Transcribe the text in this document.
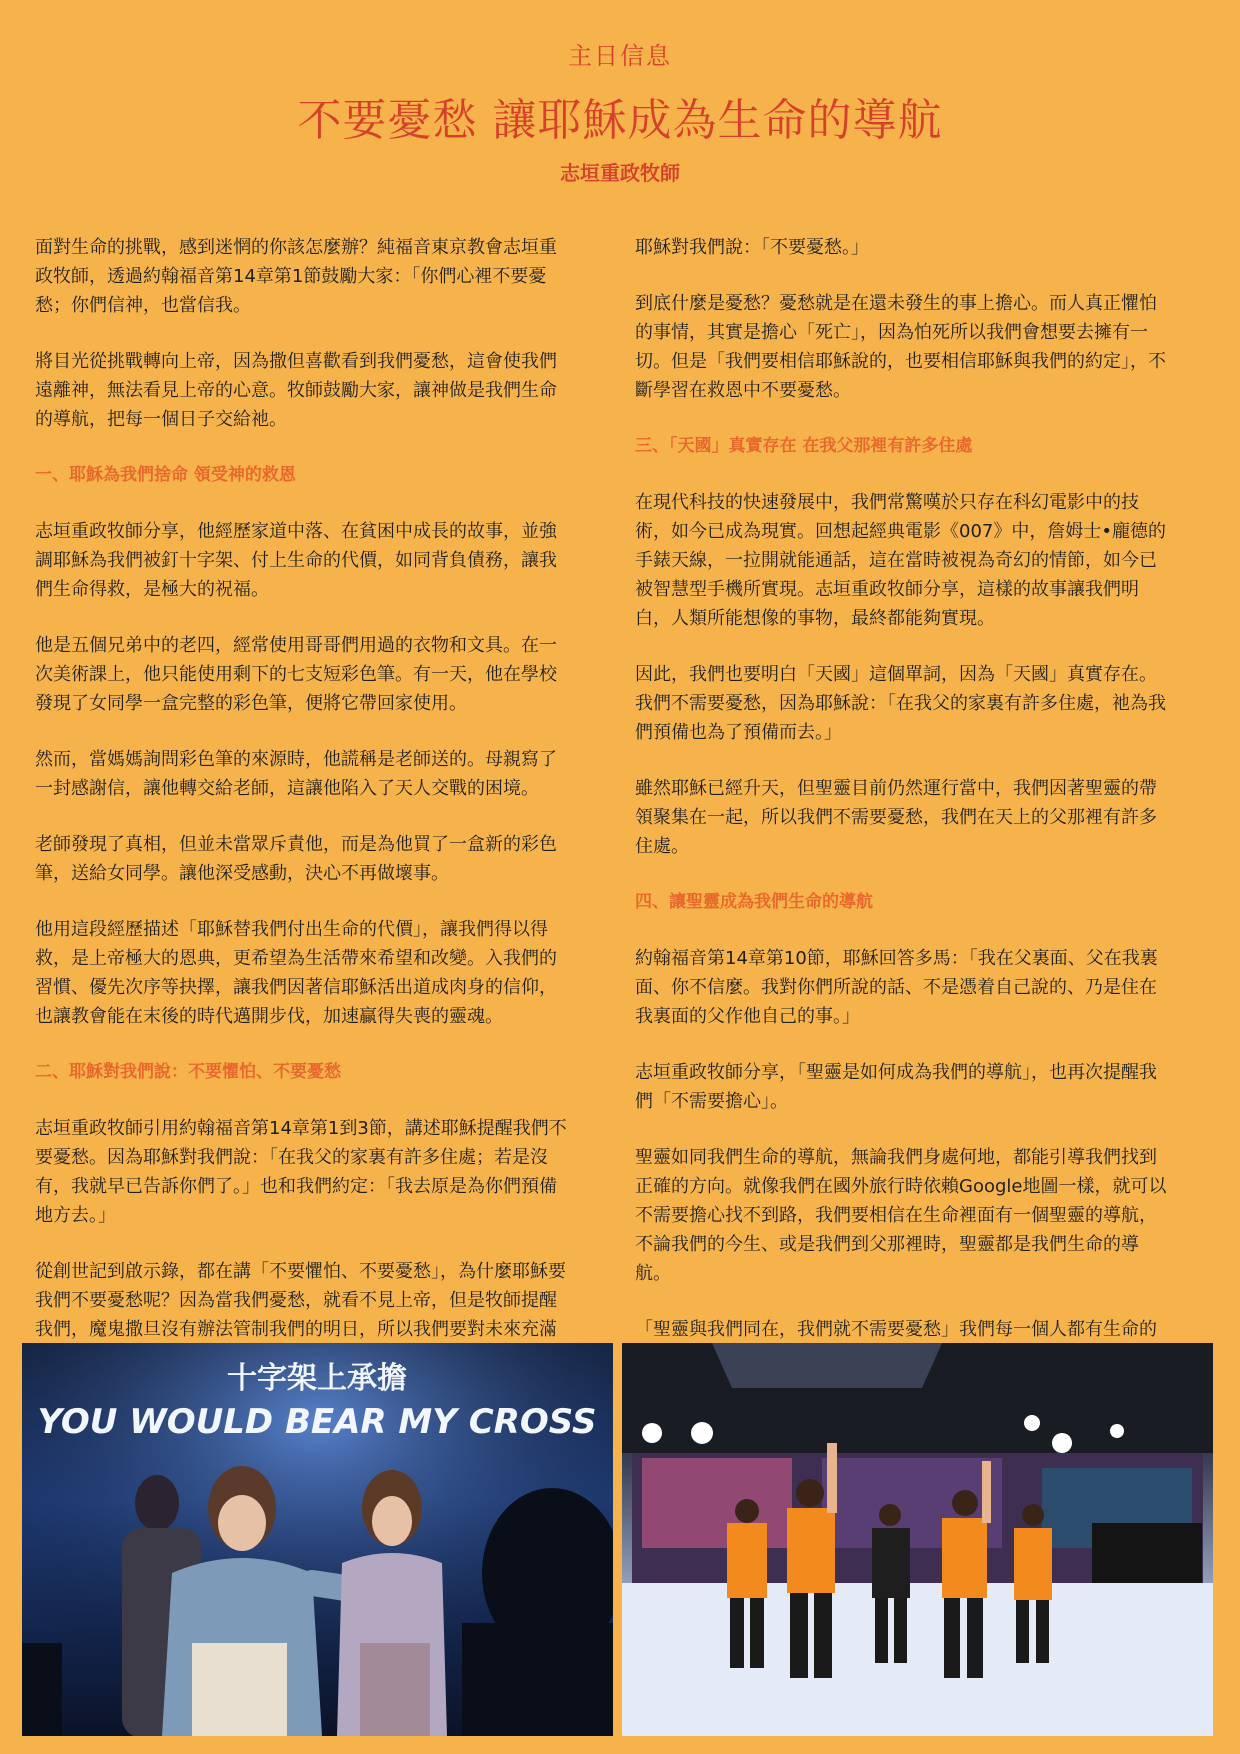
主日信息
不要憂愁 讓耶穌成為生命的導航
志垣重政牧師

面對生命的挑戰，感到迷惘的你該怎麼辦？純福音東京教會志垣重政牧師，透過約翰福音第14章第1節鼓勵大家：「你們心裡不要憂愁；你們信神，也當信我。

將目光從挑戰轉向上帝，因為撒但喜歡看到我們憂愁，這會使我們遠離神，無法看見上帝的心意。牧師鼓勵大家，讓神做是我們生命的導航，把每一個日子交給祂。

一、耶穌為我們捨命 領受神的救恩

志垣重政牧師分享，他經歷家道中落、在貧困中成長的故事，並強調耶穌為我們被釘十字架、付上生命的代價，如同背負債務，讓我們生命得救，是極大的祝福。

他是五個兄弟中的老四，經常使用哥哥們用過的衣物和文具。在一次美術課上，他只能使用剩下的七支短彩色筆。有一天，他在學校發現了女同學一盒完整的彩色筆，便將它帶回家使用。

然而，當媽媽詢問彩色筆的來源時，他謊稱是老師送的。母親寫了一封感謝信，讓他轉交給老師，這讓他陷入了天人交戰的困境。

老師發現了真相，但並未當眾斥責他，而是為他買了一盒新的彩色筆，送給女同學。讓他深受感動，決心不再做壞事。

他用這段經歷描述「耶穌替我們付出生命的代價」，讓我們得以得救，是上帝極大的恩典，更希望為生活帶來希望和改變。入我們的習慣、優先次序等抉擇，讓我們因著信耶穌活出道成肉身的信仰，也讓教會能在末後的時代邁開步伐，加速贏得失喪的靈魂。

二、耶穌對我們說：不要懼怕、不要憂愁

志垣重政牧師引用約翰福音第14章第1到3節，講述耶穌提醒我們不要憂愁。因為耶穌對我們說：「在我父的家裏有許多住處；若是沒有，我就早已告訴你們了。」也和我們約定：「我去原是為你們預備地方去。」

從創世記到啟示錄，都在講「不要懼怕、不要憂愁」，為什麼耶穌要我們不要憂愁呢？因為當我們憂愁，就看不見上帝，但是牧師提醒我們，魔鬼撒旦沒有辦法管制我們的明日，所以我們要對未來充滿

耶穌對我們說：「不要憂愁。」

到底什麼是憂愁？憂愁就是在還未發生的事上擔心。而人真正懼怕的事情，其實是擔心「死亡」，因為怕死所以我們會想要去擁有一切。但是「我們要相信耶穌說的，也要相信耶穌與我們的約定」，不斷學習在救恩中不要憂愁。

三、「天國」真實存在 在我父那裡有許多住處

在現代科技的快速發展中，我們常驚嘆於只存在科幻電影中的技術，如今已成為現實。回想起經典電影《007》中，詹姆士•龐德的手錶天線，一拉開就能通話，這在當時被視為奇幻的情節，如今已被智慧型手機所實現。志垣重政牧師分享，這樣的故事讓我們明白，人類所能想像的事物，最終都能夠實現。

因此，我們也要明白「天國」這個單詞，因為「天國」真實存在。我們不需要憂愁，因為耶穌說：「在我父的家裏有許多住處，祂為我們預備也為了預備而去。」

雖然耶穌已經升天，但聖靈目前仍然運行當中，我們因著聖靈的帶領聚集在一起，所以我們不需要憂愁，我們在天上的父那裡有許多住處。

四、讓聖靈成為我們生命的導航

約翰福音第14章第10節，耶穌回答多馬：「我在父裏面、父在我裏面、你不信麼。我對你們所說的話、不是憑着自己說的、乃是住在我裏面的父作他自己的事。」

志垣重政牧師分享，「聖靈是如何成為我們的導航」，也再次提醒我們「不需要擔心」。

聖靈如同我們生命的導航，無論我們身處何地，都能引導我們找到正確的方向。就像我們在國外旅行時依賴Google地圖一樣，就可以不需要擔心找不到路，我們要相信在生命裡面有一個聖靈的導航，不論我們的今生、或是我們到父那裡時，聖靈都是我們生命的導航。

「聖靈與我們同在，我們就不需要憂愁」我們每一個人都有生命的

十字架上承擔
YOU WOULD BEAR MY CROSS
